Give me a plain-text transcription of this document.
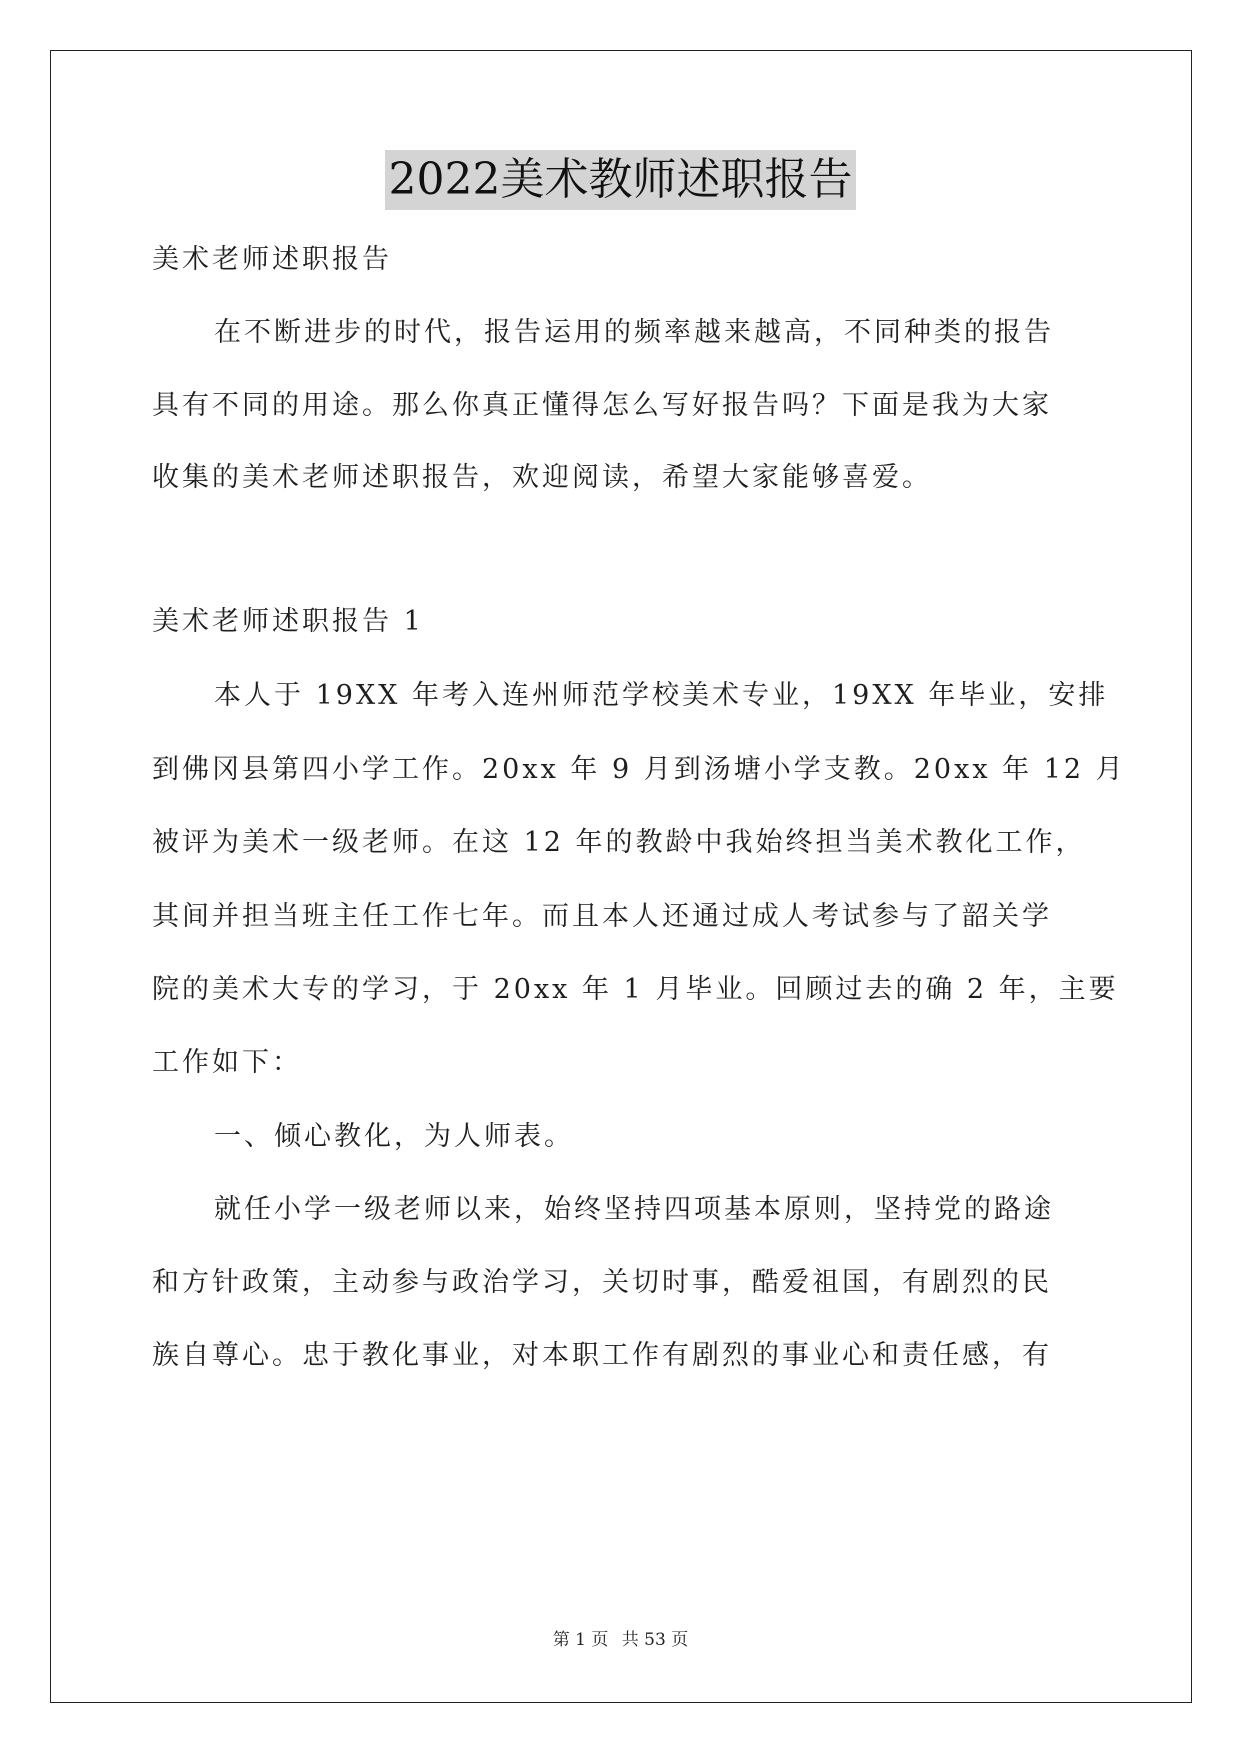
2022美术教师述职报告
美术老师述职报告
在不断进步的时代，报告运用的频率越来越高，不同种类的报告
具有不同的用途。那么你真正懂得怎么写好报告吗？下面是我为大家
收集的美术老师述职报告，欢迎阅读，希望大家能够喜爱。
美术老师述职报告 1
本人于 19XX 年考入连州师范学校美术专业，19XX 年毕业，安排
到佛冈县第四小学工作。20xx 年 9 月到汤塘小学支教。20xx 年 12 月
被评为美术一级老师。在这 12 年的教龄中我始终担当美术教化工作，
其间并担当班主任工作七年。而且本人还通过成人考试参与了韶关学
院的美术大专的学习，于 20xx 年 1 月毕业。回顾过去的确 2 年，主要
工作如下：
一、倾心教化，为人师表。
就任小学一级老师以来，始终坚持四项基本原则，坚持党的路途
和方针政策，主动参与政治学习，关切时事，酷爱祖国，有剧烈的民
族自尊心。忠于教化事业，对本职工作有剧烈的事业心和责任感，有
第 1 页 共 53 页
